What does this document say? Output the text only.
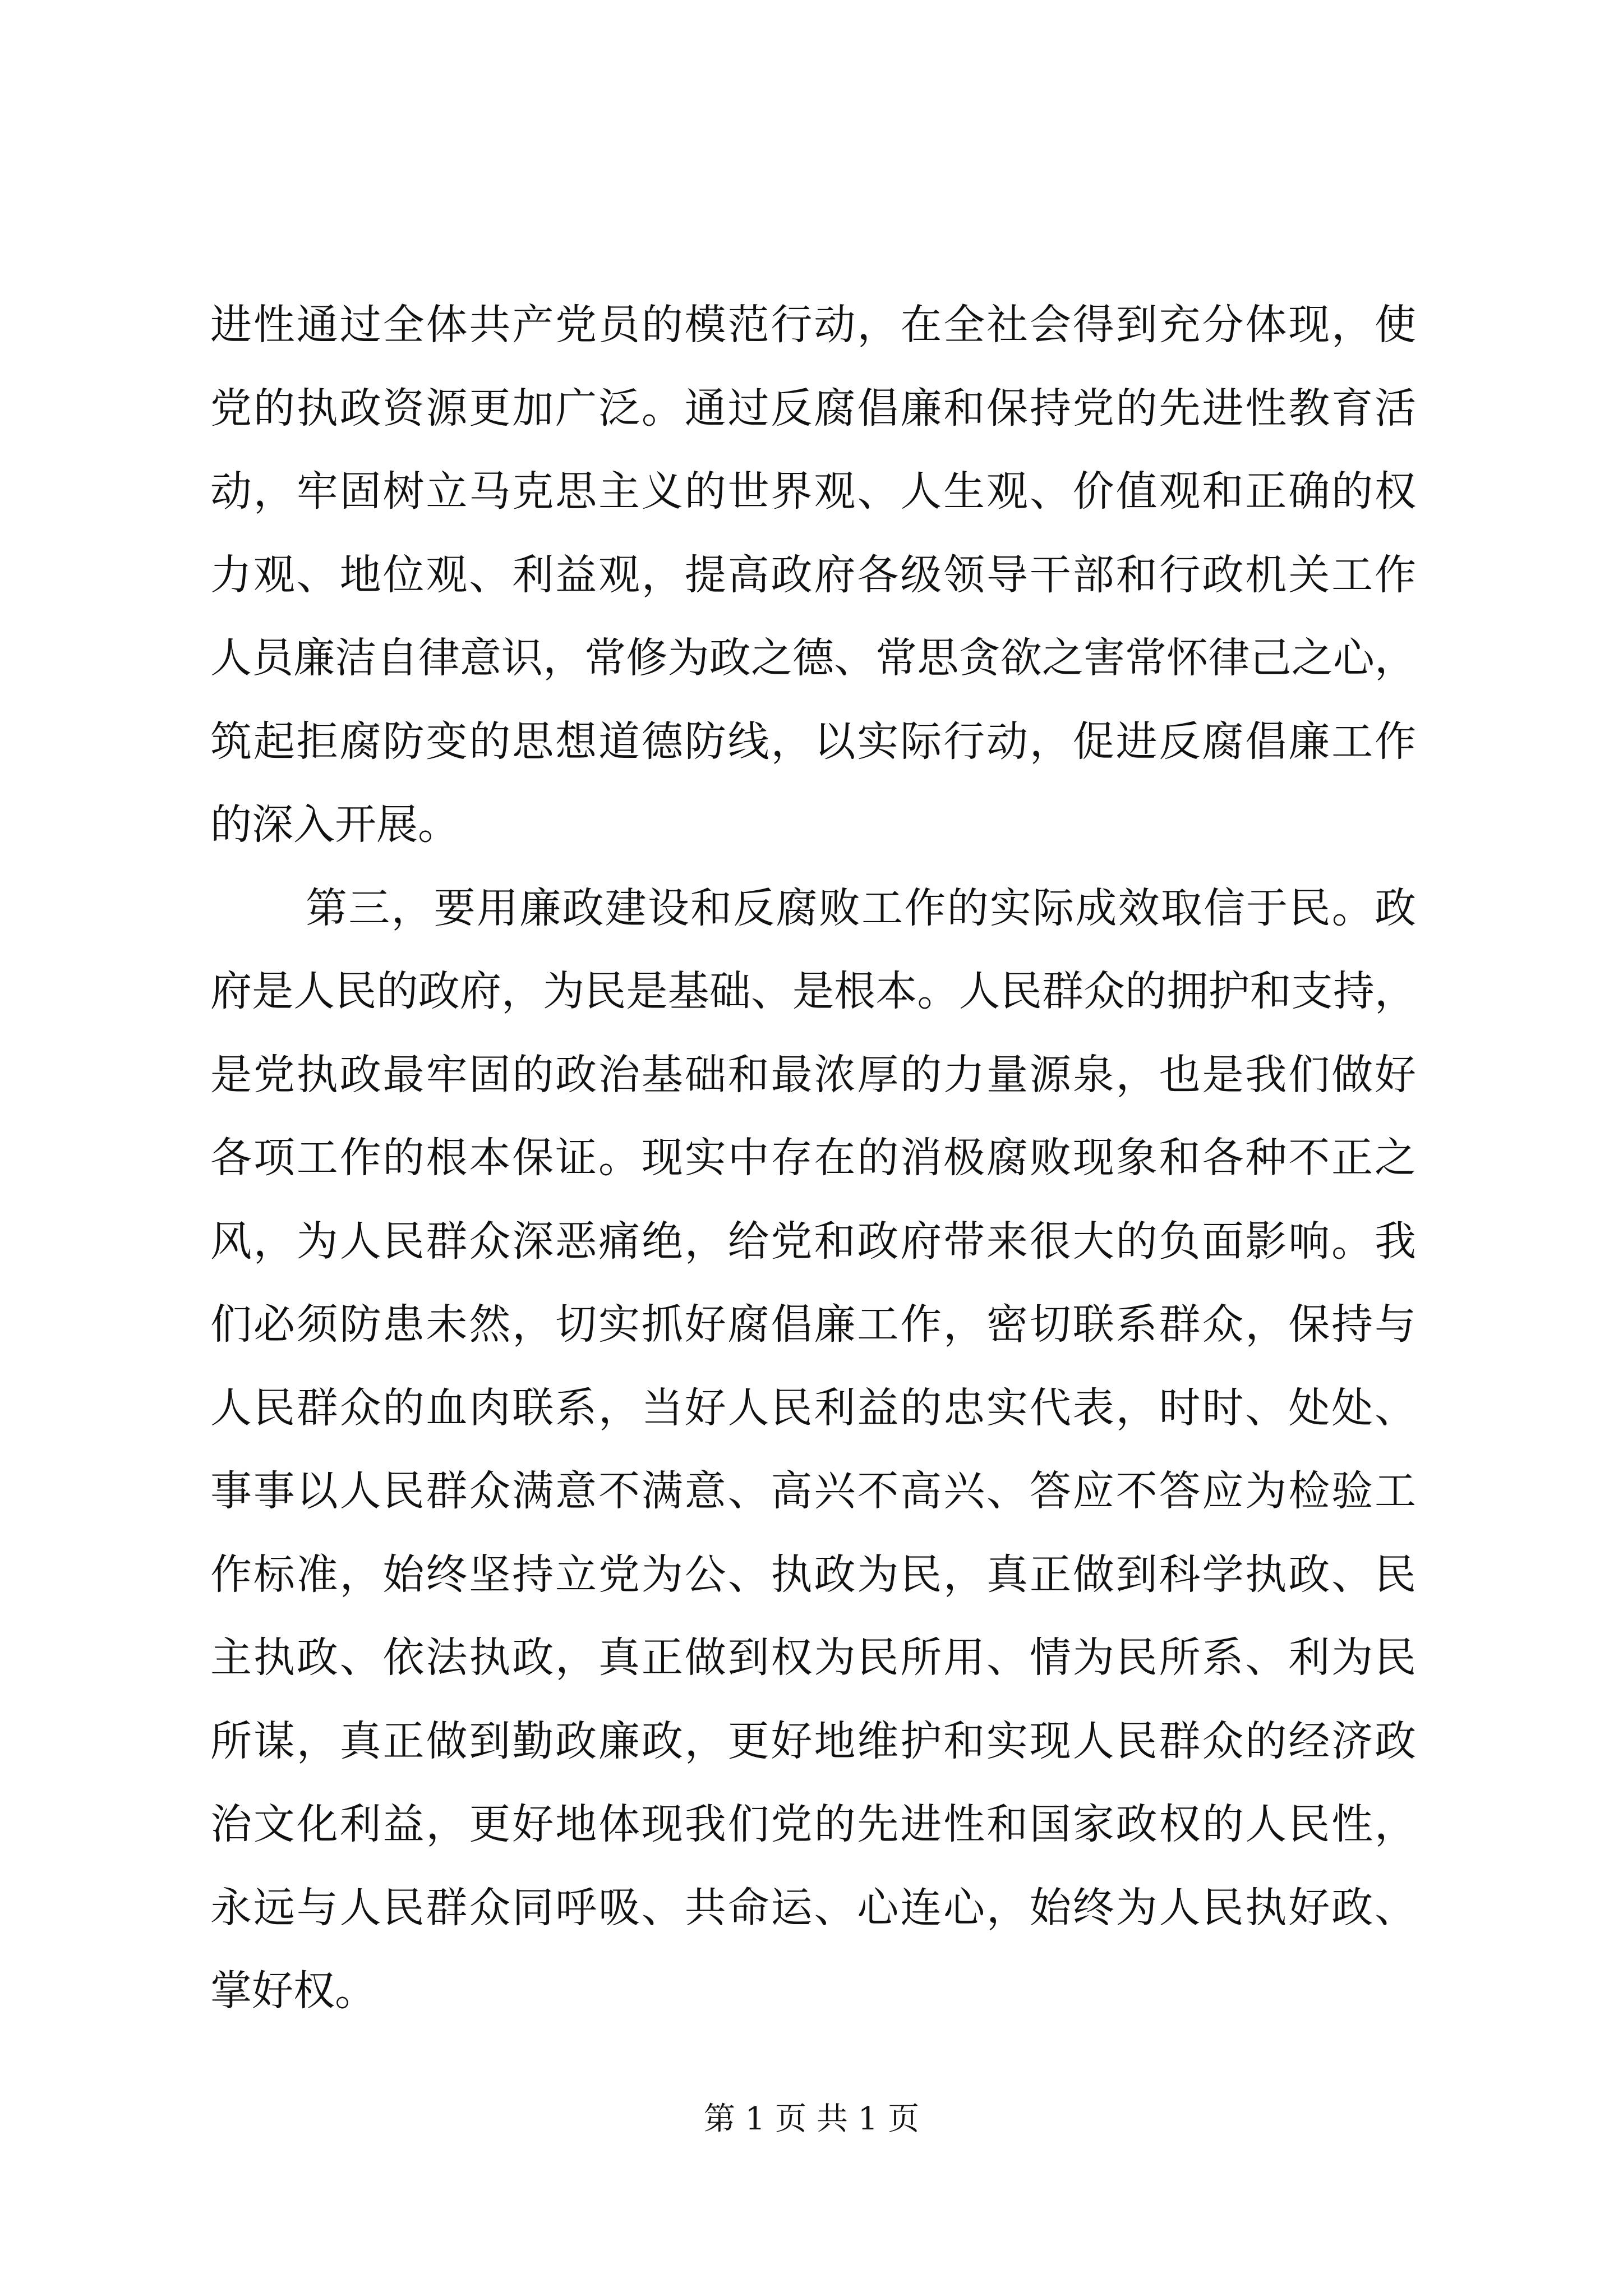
进性通过全体共产党员的模范行动，在全社会得到充分体现，使
党的执政资源更加广泛。通过反腐倡廉和保持党的先进性教育活
动，牢固树立马克思主义的世界观、人生观、价值观和正确的权
力观、地位观、利益观，提高政府各级领导干部和行政机关工作
人员廉洁自律意识，常修为政之德、常思贪欲之害常怀律己之心，
筑起拒腐防变的思想道德防线，以实际行动，促进反腐倡廉工作
的深入开展。
第三，要用廉政建设和反腐败工作的实际成效取信于民。政
府是人民的政府，为民是基础、是根本。人民群众的拥护和支持，
是党执政最牢固的政治基础和最浓厚的力量源泉，也是我们做好
各项工作的根本保证。现实中存在的消极腐败现象和各种不正之
风，为人民群众深恶痛绝，给党和政府带来很大的负面影响。我
们必须防患未然，切实抓好腐倡廉工作，密切联系群众，保持与
人民群众的血肉联系，当好人民利益的忠实代表，时时、处处、
事事以人民群众满意不满意、高兴不高兴、答应不答应为检验工
作标准，始终坚持立党为公、执政为民，真正做到科学执政、民
主执政、依法执政，真正做到权为民所用、情为民所系、利为民
所谋，真正做到勤政廉政，更好地维护和实现人民群众的经济政
治文化利益，更好地体现我们党的先进性和国家政权的人民性，
永远与人民群众同呼吸、共命运、心连心，始终为人民执好政、
掌好权。
第 1 页 共 1 页
